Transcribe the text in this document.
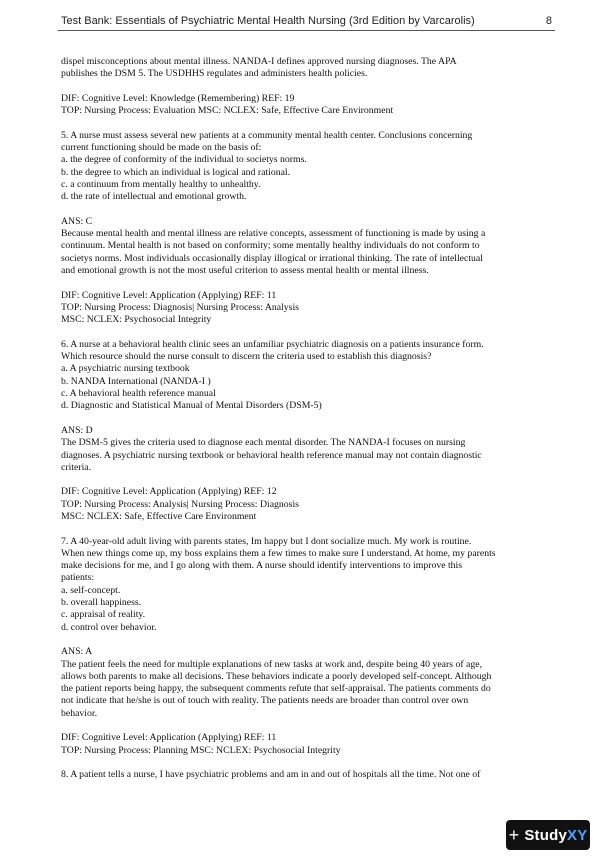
Test Bank: Essentials of Psychiatric Mental Health Nursing (3rd Edition by Varcarolis)	8
dispel misconceptions about mental illness. NANDA-I defines approved nursing diagnoses. The APA
publishes the DSM 5. The USDHHS regulates and administers health policies.
DIF: Cognitive Level: Knowledge (Remembering) REF: 19
TOP: Nursing Process: Evaluation MSC: NCLEX: Safe, Effective Care Environment
5. A nurse must assess several new patients at a community mental health center. Conclusions concerning
current functioning should be made on the basis of:
a. the degree of conformity of the individual to societys norms.
b. the degree to which an individual is logical and rational.
c. a continuum from mentally healthy to unhealthy.
d. the rate of intellectual and emotional growth.
ANS: C
Because mental health and mental illness are relative concepts, assessment of functioning is made by using a
continuum. Mental health is not based on conformity; some mentally healthy individuals do not conform to
societys norms. Most individuals occasionally display illogical or irrational thinking. The rate of intellectual
and emotional growth is not the most useful criterion to assess mental health or mental illness.
DIF: Cognitive Level: Application (Applying) REF: 11
TOP: Nursing Process: Diagnosis| Nursing Process: Analysis
MSC: NCLEX: Psychosocial Integrity
6. A nurse at a behavioral health clinic sees an unfamiliar psychiatric diagnosis on a patients insurance form.
Which resource should the nurse consult to discern the criteria used to establish this diagnosis?
a. A psychiatric nursing textbook
b. NANDA International (NANDA-I )
c. A behavioral health reference manual
d. Diagnostic and Statistical Manual of Mental Disorders (DSM-5)
ANS: D
The DSM-5 gives the criteria used to diagnose each mental disorder. The NANDA-I focuses on nursing
diagnoses. A psychiatric nursing textbook or behavioral health reference manual may not contain diagnostic
criteria.
DIF: Cognitive Level: Application (Applying) REF: 12
TOP: Nursing Process: Analysis| Nursing Process: Diagnosis
MSC: NCLEX: Safe, Effective Care Environment
7. A 40-year-old adult living with parents states, Im happy but I dont socialize much. My work is routine.
When new things come up, my boss explains them a few times to make sure I understand. At home, my parents
make decisions for me, and I go along with them. A nurse should identify interventions to improve this
patients:
a. self-concept.
b. overall happiness.
c. appraisal of reality.
d. control over behavior.
ANS: A
The patient feels the need for multiple explanations of new tasks at work and, despite being 40 years of age,
allows both parents to make all decisions. These behaviors indicate a poorly developed self-concept. Although
the patient reports being happy, the subsequent comments refute that self-appraisal. The patients comments do
not indicate that he/she is out of touch with reality. The patients needs are broader than control over own
behavior.
DIF: Cognitive Level: Application (Applying) REF: 11
TOP: Nursing Process: Planning MSC: NCLEX: Psychosocial Integrity
8. A patient tells a nurse, I have psychiatric problems and am in and out of hospitals all the time. Not one of
+ Study XY
